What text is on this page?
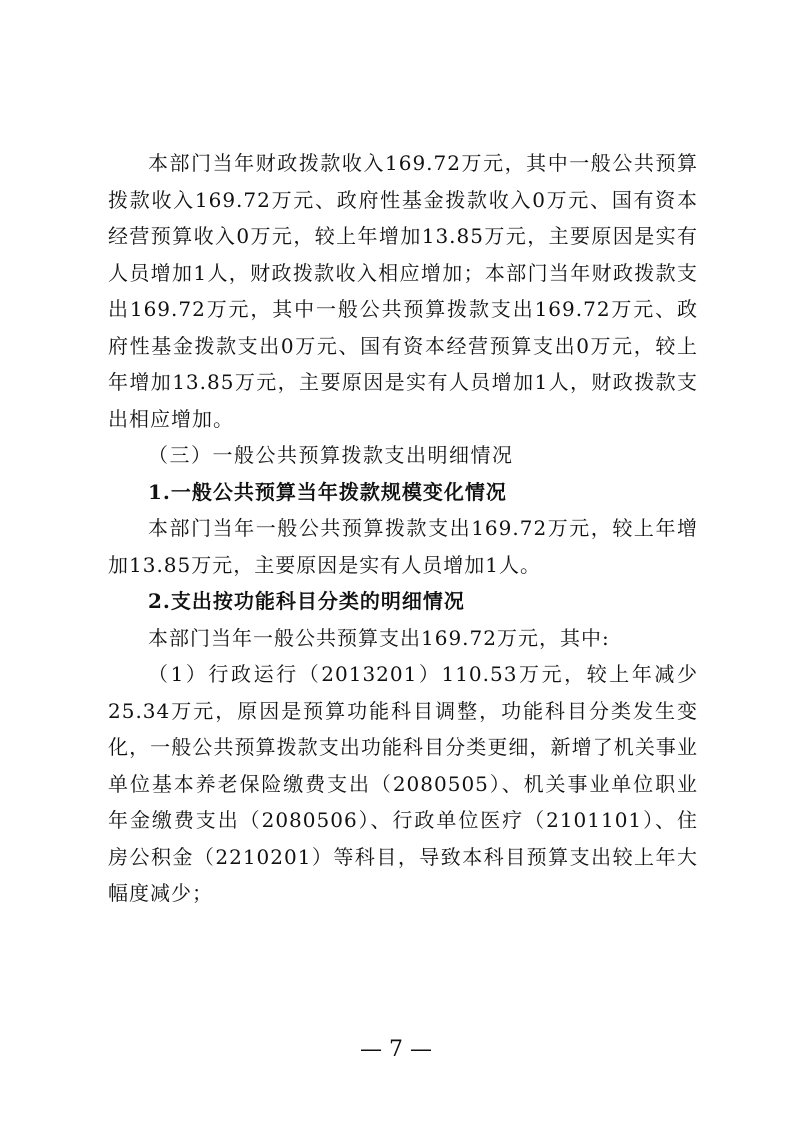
本部门当年财政拨款收入169.72万元，其中一般公共预算拨款收入169.72万元、政府性基金拨款收入0万元、国有资本经营预算收入0万元，较上年增加13.85万元，主要原因是实有人员增加1人，财政拨款收入相应增加；本部门当年财政拨款支出169.72万元，其中一般公共预算拨款支出169.72万元、政府性基金拨款支出0万元、国有资本经营预算支出0万元，较上年增加13.85万元，主要原因是实有人员增加1人，财政拨款支出相应增加。

（三）一般公共预算拨款支出明细情况

1.一般公共预算当年拨款规模变化情况

本部门当年一般公共预算拨款支出169.72万元，较上年增加13.85万元，主要原因是实有人员增加1人。

2.支出按功能科目分类的明细情况

本部门当年一般公共预算支出169.72万元，其中:

（1）行政运行（2013201）110.53万元，较上年减少25.34万元，原因是预算功能科目调整，功能科目分类发生变化，一般公共预算拨款支出功能科目分类更细，新增了机关事业单位基本养老保险缴费支出（2080505）、机关事业单位职业年金缴费支出（2080506）、行政单位医疗（2101101）、住房公积金（2210201）等科目，导致本科目预算支出较上年大幅度减少；

— 7 —
